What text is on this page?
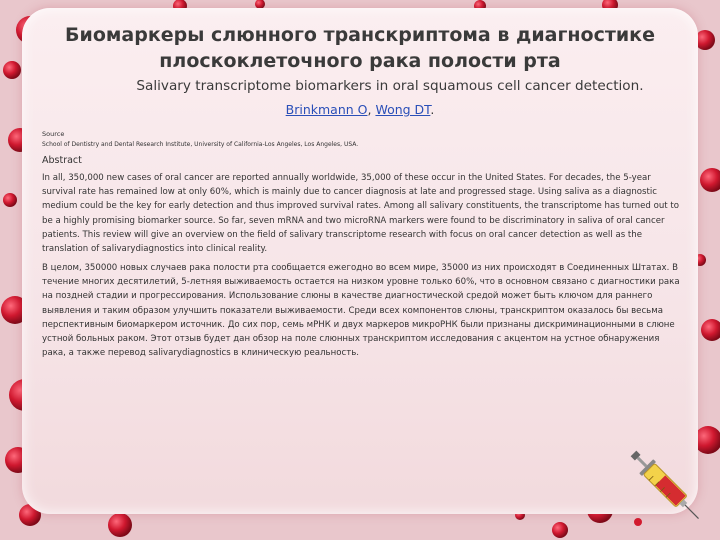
Биомаркеры слюнного транскриптома в диагностике плоскоклеточного рака полости рта

Salivary transcriptome biomarkers in oral squamous cell cancer detection.

Brinkmann O, Wong DT.
Source
School of Dentistry and Dental Research Institute, University of California-Los Angeles, Los Angeles, USA.
Abstract

In all, 350,000 new cases of oral cancer are reported annually worldwide, 35,000 of these occur in the United States. For decades, the 5-year survival rate has remained low at only 60%, which is mainly due to cancer diagnosis at late and progressed stage. Using saliva as a diagnostic medium could be the key for early detection and thus improved survival rates. Among all salivary constituents, the transcriptome has turned out to be a highly promising biomarker source. So far, seven mRNA and two microRNA markers were found to be discriminatory in saliva of oral cancer patients. This review will give an overview on the field of salivary transcriptome research with focus on oral cancer detection as well as the translation of salivarydiagnostics into clinical reality.

В целом, 350000 новых случаев рака полости рта сообщается ежегодно во всем мире, 35000 из них происходят в Соединенных Штатах. В течение многих десятилетий, 5-летняя выживаемость остается на низком уровне только 60%, что в основном связано с диагностики рака на поздней стадии и прогрессирования. Использование слюны в качестве диагностической средой может быть ключом для раннего выявления и таким образом улучшить показатели выживаемости. Среди всех компонентов слюны, транскриптом оказалось бы весьма перспективным биомаркером источник. До сих пор, семь мРНК и двух маркеров микроРНК были признаны дискриминационными в слюне устной больных раком. Этот отзыв будет дан обзор на поле слюнных транскриптом исследования с акцентом на устное обнаружения рака, а также перевод salivarydiagnostics в клиническую реальность.
